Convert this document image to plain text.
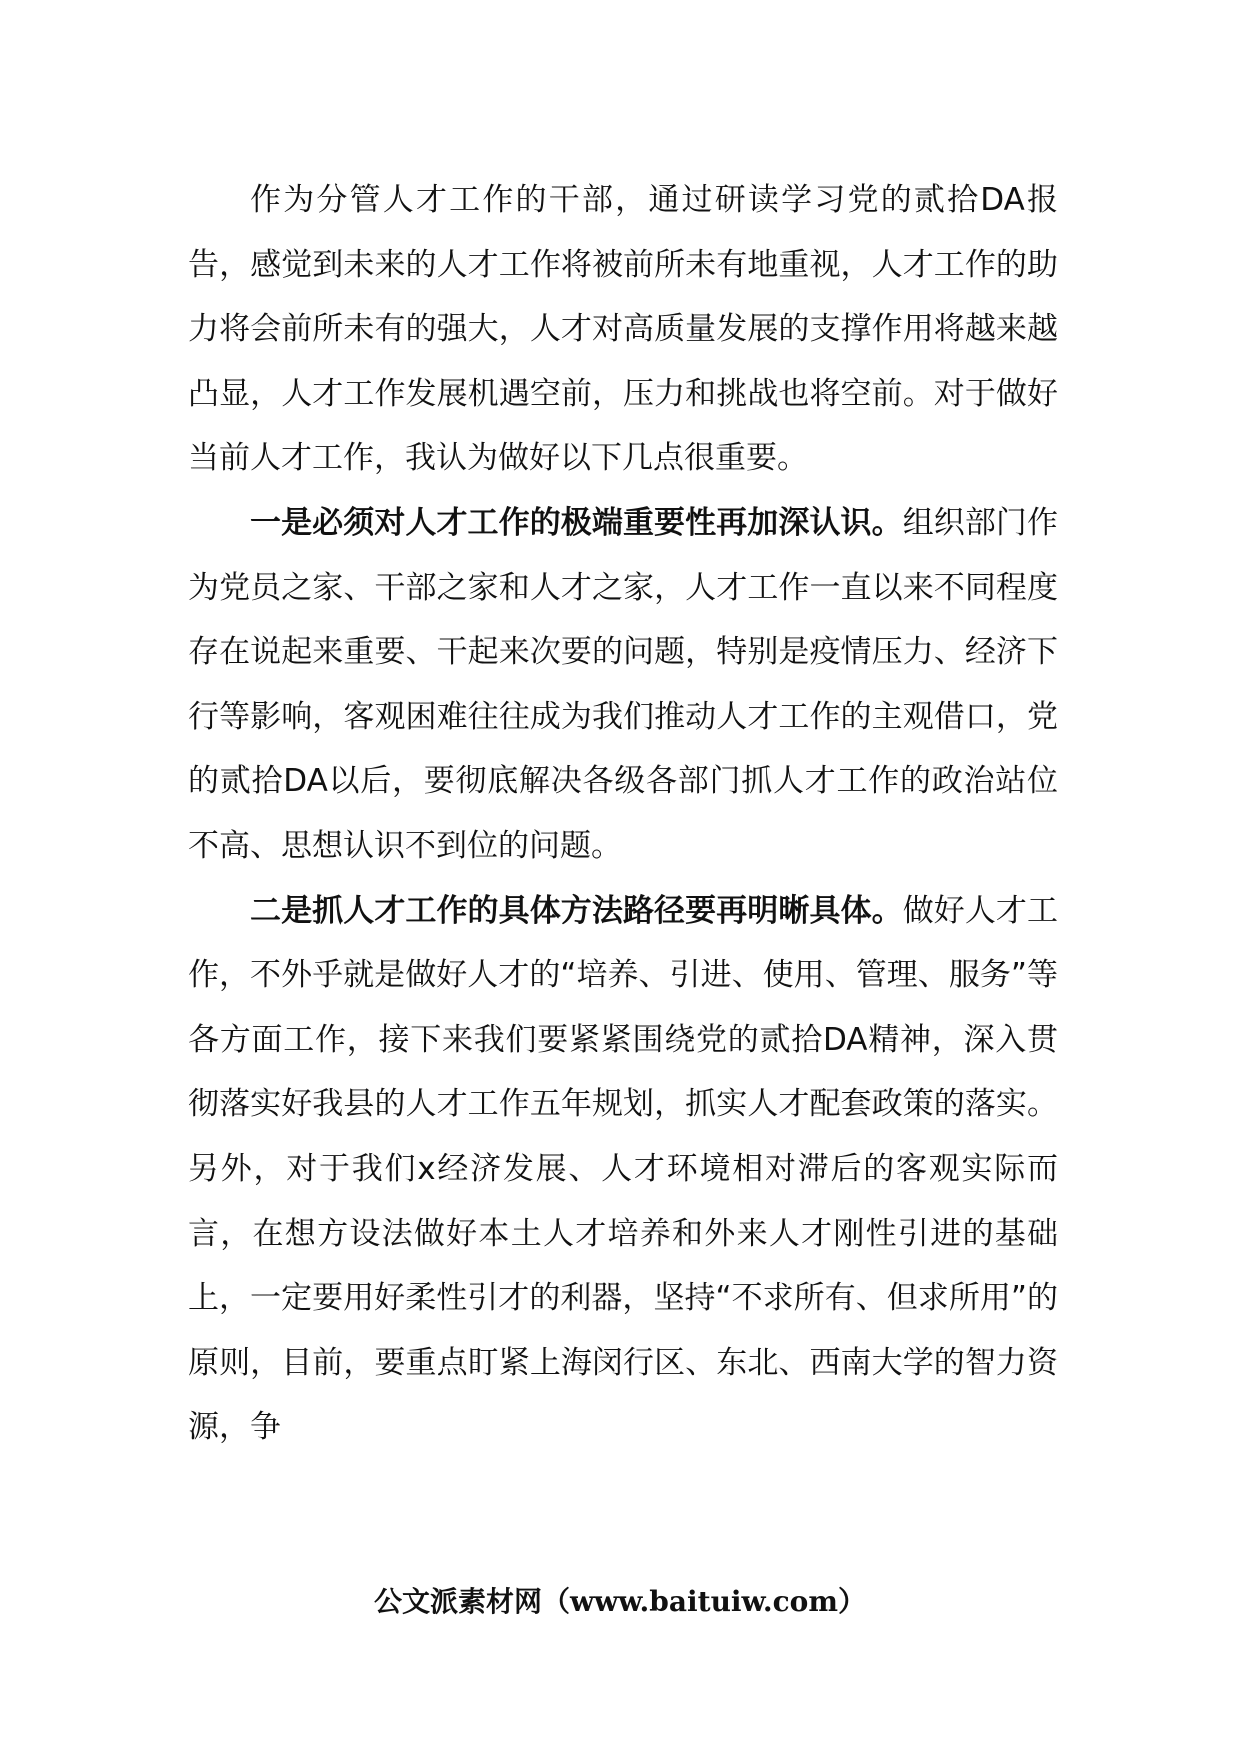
作为分管人才工作的干部，通过研读学习党的贰拾DA报告，感觉到未来的人才工作将被前所未有地重视，人才工作的助力将会前所未有的强大，人才对高质量发展的支撑作用将越来越凸显，人才工作发展机遇空前，压力和挑战也将空前。对于做好当前人才工作，我认为做好以下几点很重要。

一是必须对人才工作的极端重要性再加深认识。组织部门作为党员之家、干部之家和人才之家，人才工作一直以来不同程度存在说起来重要、干起来次要的问题，特别是疫情压力、经济下行等影响，客观困难往往成为我们推动人才工作的主观借口，党的贰拾DA以后，要彻底解决各级各部门抓人才工作的政治站位不高、思想认识不到位的问题。

二是抓人才工作的具体方法路径要再明晰具体。做好人才工作，不外乎就是做好人才的“培养、引进、使用、管理、服务”等各方面工作，接下来我们要紧紧围绕党的贰拾DA精神，深入贯彻落实好我县的人才工作五年规划，抓实人才配套政策的落实。另外，对于我们x经济发展、人才环境相对滞后的客观实际而言，在想方设法做好本土人才培养和外来人才刚性引进的基础上，一定要用好柔性引才的利器，坚持“不求所有、但求所用”的原则，目前，要重点盯紧上海闵行区、东北、西南大学的智力资源，争

公文派素材网（www.baituiw.com）
